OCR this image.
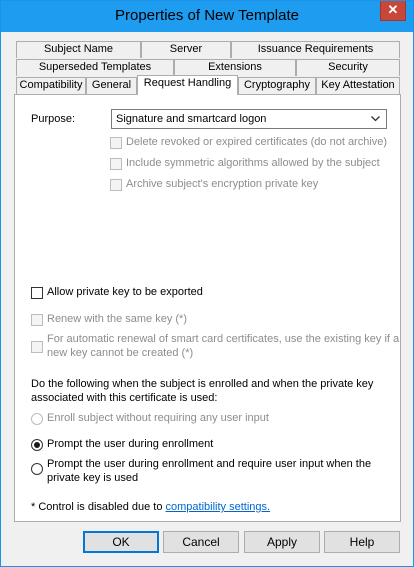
Properties of New Template	✕
Subject Name	Server	Issuance Requirements
Superseded Templates	Extensions	Security
Compatibility General	Request Handling	Cryptography	Key Attestation
Purpose:	Signature and smartcard logon
Delete revoked or expired certificates (do not archive)
Include symmetric algorithms allowed by the subject
Archive subject's encryption private key
Allow private key to be exported
Renew with the same key (*)
For automatic renewal of smart card certificates, use the existing key if a
new key cannot be created (*)
Do the following when the subject is enrolled and when the private key
associated with this certificate is used:
Enroll subject without requiring any user input
Prompt the user during enrollment
Prompt the user during enrollment and require user input when the
private key is used
* Control is disabled due to compatibility settings.
OK	Cancel	Apply	Help
